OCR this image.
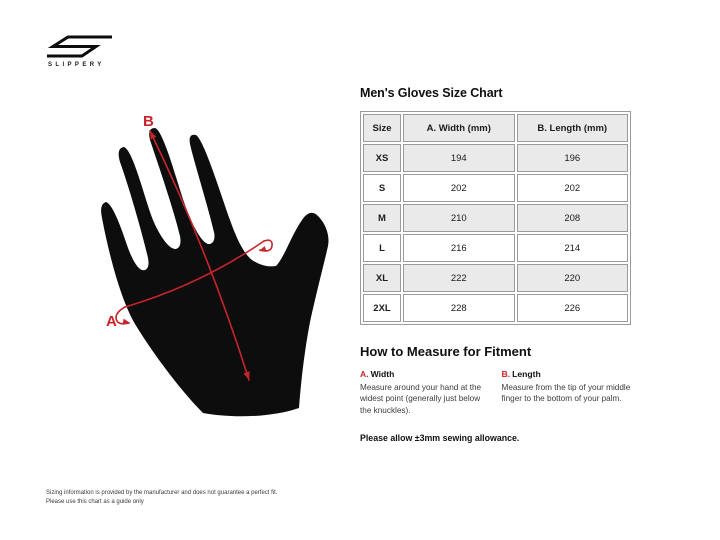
SLIPPERY
B
A
Men's Gloves Size Chart
Size	A. Width (mm)	B. Length (mm)
XS	194	196
S	202	202
M	210	208
L	216	214
XL	222	220
2XL	228	226
How to Measure for Fitment
A. Width

Measure around your hand at the widest point (generally just below the knuckles).

B. Length

Measure from the tip of your middle finger to the bottom of your palm.

Please allow ±3mm sewing allowance.

Sizing information is provided by the manufacturer and does not guarantee a perfect fit.
Please use this chart as a guide only
